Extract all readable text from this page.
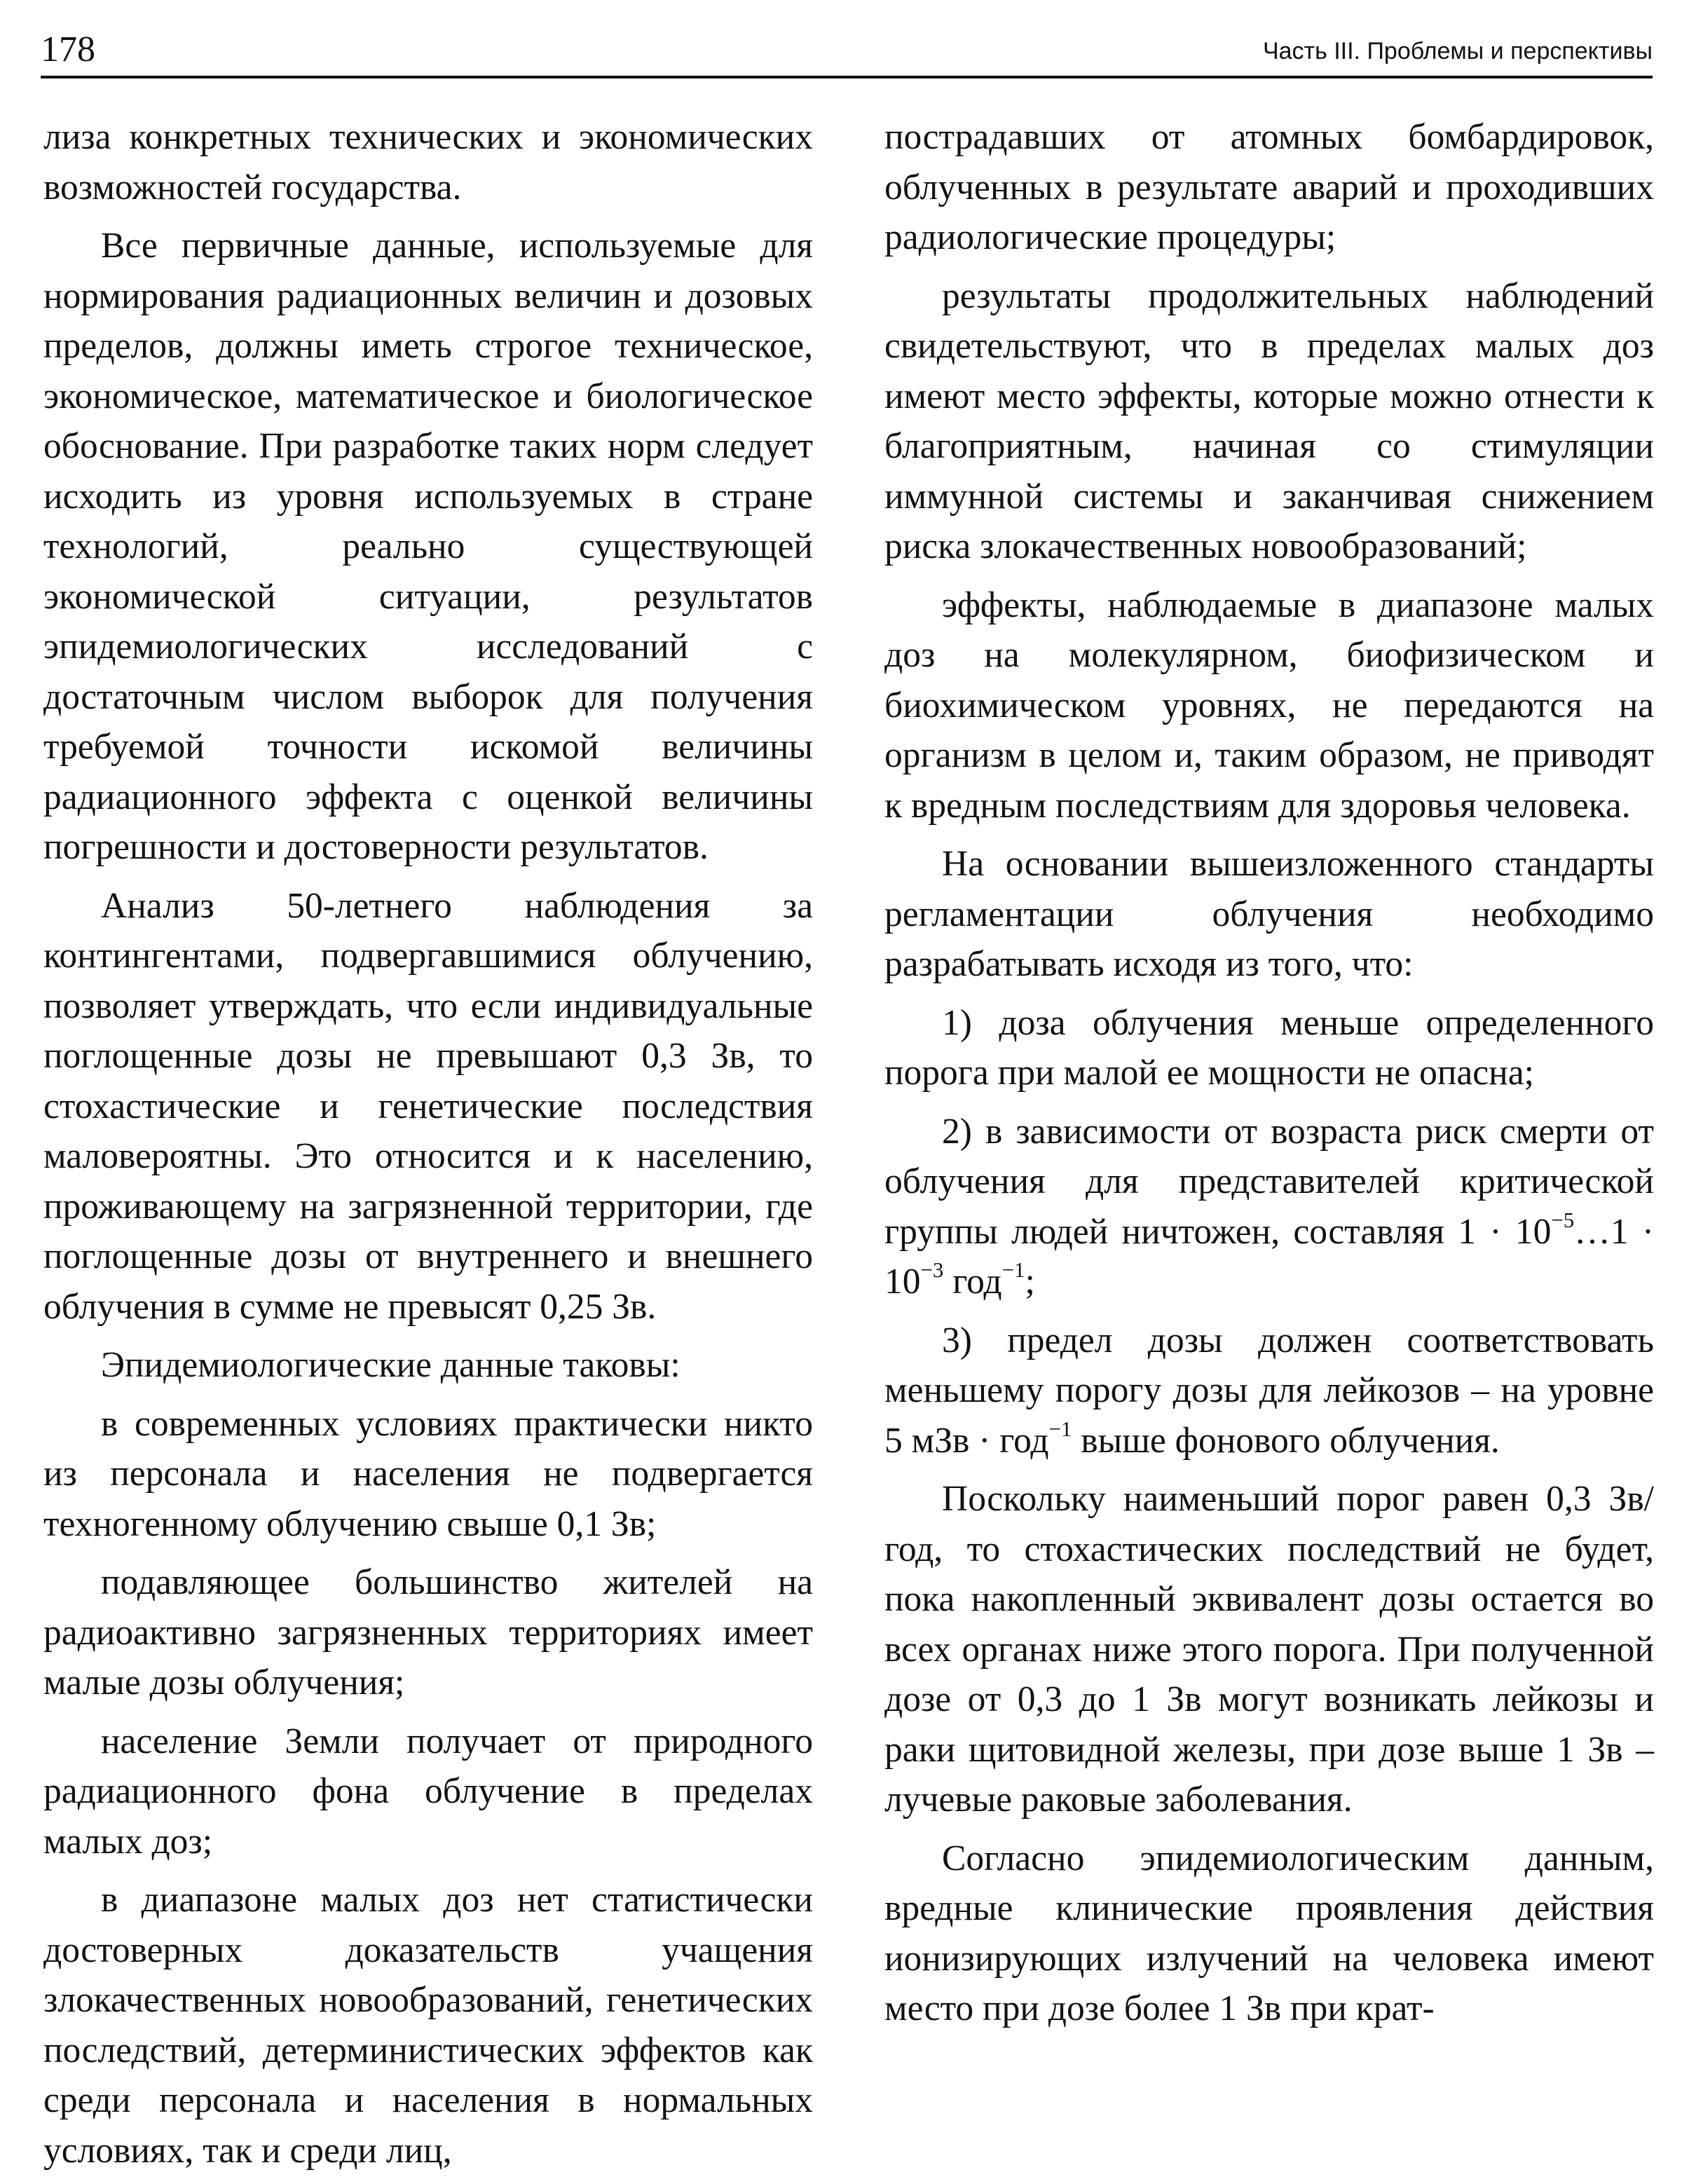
178	Часть III. Проблемы и перспективы

лиза конкретных технических и экономических возможностей государства.

Все первичные данные, используемые для нормирования радиационных величин и дозовых пределов, должны иметь строгое техническое, экономическое, математическое и биологическое обоснование. При разработке таких норм следует исходить из уровня используемых в стране технологий, реально существующей экономической ситуации, результатов эпидемиологических исследований с достаточным числом выборок для получения требуемой точности искомой величины радиационного эффекта с оценкой величины погрешности и достоверности результатов.

Анализ 50-летнего наблюдения за контингентами, подвергавшимися облучению, позволяет утверждать, что если индивидуальные поглощенные дозы не превышают 0,3 Зв, то стохастические и генетические последствия маловероятны. Это относится и к населению, проживающему на загрязненной территории, где поглощенные дозы от внутреннего и внешнего облучения в сумме не превысят 0,25 Зв.

Эпидемиологические данные таковы:

в современных условиях практически никто из персонала и населения не подвергается техногенному облучению свыше 0,1 Зв;

подавляющее большинство жителей на радиоактивно загрязненных территориях имеет малые дозы облучения;

население Земли получает от природного радиационного фона облучение в пределах малых доз;

в диапазоне малых доз нет статистически достоверных доказательств учащения злокачественных новообразований, генетических последствий, детерминистических эффектов как среди персонала и населения в нормальных условиях, так и среди лиц,

пострадавших от атомных бомбардировок, облученных в результате аварий и проходивших радиологические процедуры;

результаты продолжительных наблюдений свидетельствуют, что в пределах малых доз имеют место эффекты, которые можно отнести к благоприятным, начиная со стимуляции иммунной системы и заканчивая снижением риска злокачественных новообразований;

эффекты, наблюдаемые в диапазоне малых доз на молекулярном, биофизическом и биохимическом уровнях, не передаются на организм в целом и, таким образом, не приводят к вредным последствиям для здоровья человека.

На основании вышеизложенного стандарты регламентации облучения необходимо разрабатывать исходя из того, что:

1) доза облучения меньше определенного порога при малой ее мощности не опасна;

2) в зависимости от возраста риск смерти от облучения для представителей критической группы людей ничтожен, составляя $1 \cdot 10^{-5}\dots 1 \cdot 10^{-3}$ год$^{-1}$;

3) предел дозы должен соответствовать меньшему порогу дозы для лейкозов – на уровне 5 мЗв · год$^{-1}$ выше фонового облучения.

Поскольку наименьший порог равен 0,3 Зв/год, то стохастических последствий не будет, пока накопленный эквивалент дозы остается во всех органах ниже этого порога. При полученной дозе от 0,3 до 1 Зв могут возникать лейкозы и раки щитовидной железы, при дозе выше 1 Зв – лучевые раковые заболевания.

Согласно эпидемиологическим данным, вредные клинические проявления действия ионизирующих излучений на человека имеют место при дозе более 1 Зв при крат-
